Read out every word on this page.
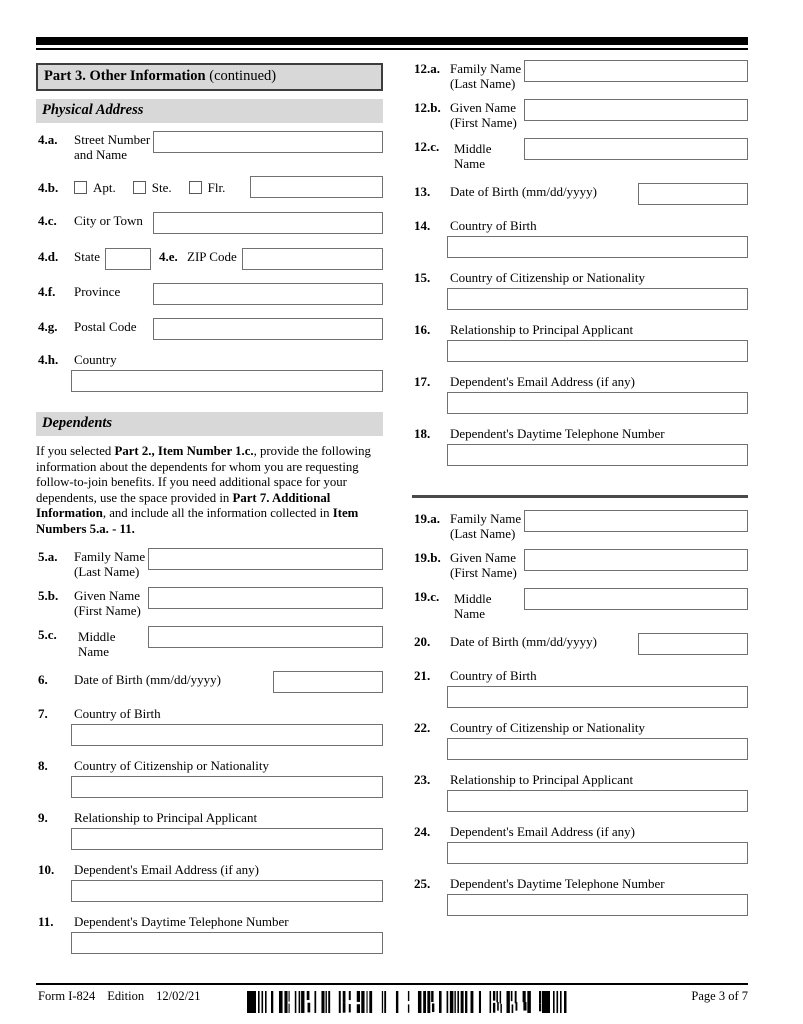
Part 3. Other Information (continued)
Physical Address
4.a.	Street Number
and Name
4.b.	Apt.	Ste.	Flr.
4.c.	City or Town
4.d.	State	4.e. ZIP Code
4.f.	Province
4.g.	Postal Code
4.h.	Country
Dependents
If you selected Part 2., Item Number 1.c., provide the following information about the dependents for whom you are requesting follow-to-join benefits. If you need additional space for your dependents, use the space provided in Part 7. Additional Information, and include all the information collected in Item Numbers 5.a. - 11.
5.a.	Family Name
(Last Name)
5.b.	Given Name
(First Name)
5.c.	Middle Name
6.	Date of Birth (mm/dd/yyyy)
7.	Country of Birth
8.	Country of Citizenship or Nationality
9.	Relationship to Principal Applicant
10.	Dependent's Email Address (if any)
11.	Dependent's Daytime Telephone Number
12.a. Family Name
(Last Name)
12.b. Given Name
(First Name)
12.c.	Middle Name
13.	Date of Birth (mm/dd/yyyy)
14.	Country of Birth
15.	Country of Citizenship or Nationality
16.	Relationship to Principal Applicant
17.	Dependent's Email Address (if any)
18.	Dependent's Daytime Telephone Number
19.a. Family Name
(Last Name)
19.b. Given Name
(First Name)
19.c.	Middle Name
20.	Date of Birth (mm/dd/yyyy)
21.	Country of Birth
22.	Country of Citizenship or Nationality
23.	Relationship to Principal Applicant
24.	Dependent's Email Address (if any)
25.	Dependent's Daytime Telephone Number
Form I-824 Edition 12/02/21	Page 3 of 7
